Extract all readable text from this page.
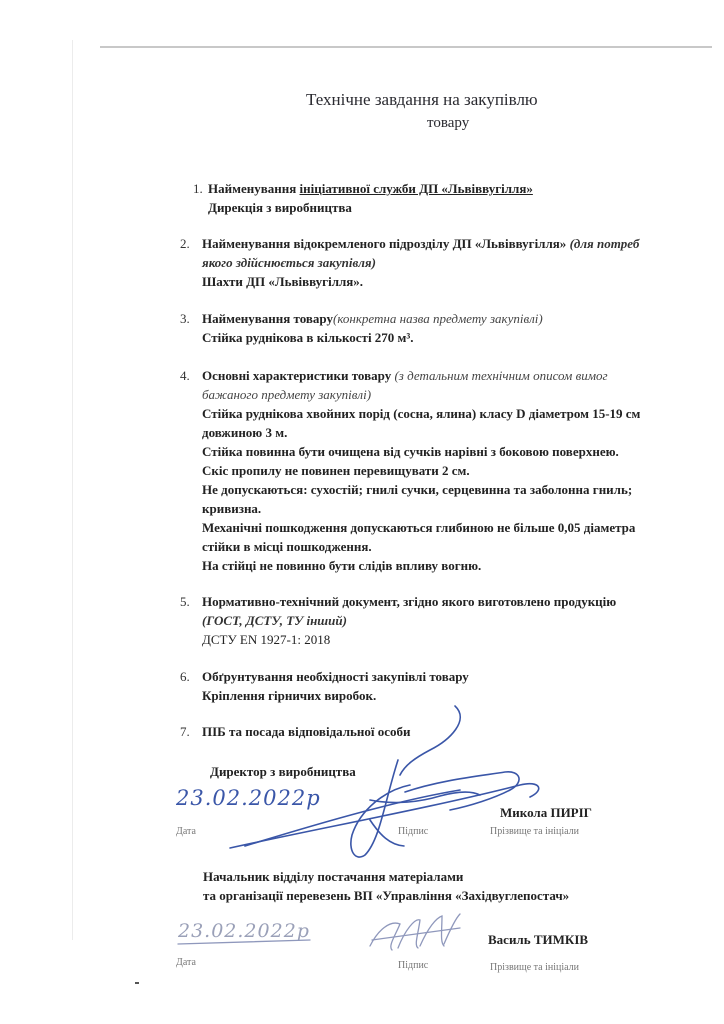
Технічне завдання на закупівлю
товару
1. Найменування ініціативної служби ДП «Львіввугілля»
Дирекція з виробництва
2. Найменування відокремленого підрозділу ДП «Львіввугілля» (для потреб
якого здійснюється закупівля)
Шахти ДП «Львіввугілля».
3. Найменування товару(конкретна назва предмету закупівлі)
Стійка руднікова в кількості 270 м³.
4. Основні характеристики товару (з детальним технічним описом вимог
бажаного предмету закупівлі)
Стійка руднікова хвойних порід (сосна, ялина) класу D діаметром 15-19 см
довжиною 3 м.
Стійка повинна бути очищена від сучків нарівні з боковою поверхнею.
Скіс пропилу не повинен перевищувати 2 см.
Не допускаються: сухостій; гнилі сучки, серцевинна та заболонна гниль;
кривизна.
Механічні пошкодження допускаються глибиною не більше 0,05 діаметра
стійки в місці пошкодження.
На стійці не повинно бути слідів впливу вогню.
5. Нормативно-технічний документ, згідно якого виготовлено продукцію
(ГОСТ, ДСТУ, ТУ інший)
ДСТУ EN 1927-1: 2018
6. Обґрунтування необхідності закупівлі товару
Кріплення гірничих виробок.
7. ПІБ та посада відповідальної особи
Директор з виробництва
23.02.2022р
Микола ПИРІГ
Дата	Підпис	Прізвище та ініціали
Начальник відділу постачання матеріалами
та організації перевезень ВП «Управління «Західвуглепостач»
23.02.2022р	Василь ТИМКІВ
Дата	Підпис	Прізвище та ініціали
